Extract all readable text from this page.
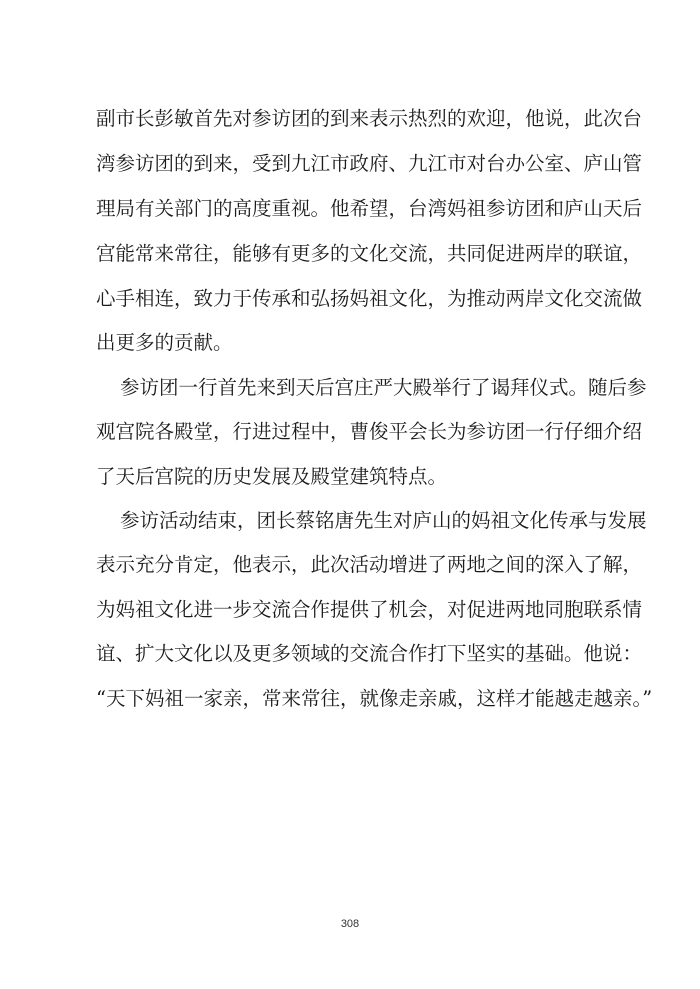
副市长彭敏首先对参访团的到来表示热烈的欢迎，他说，此次台
湾参访团的到来，受到九江市政府、九江市对台办公室、庐山管
理局有关部门的高度重视。他希望，台湾妈祖参访团和庐山天后
宫能常来常往，能够有更多的文化交流，共同促进两岸的联谊，
心手相连，致力于传承和弘扬妈祖文化，为推动两岸文化交流做
出更多的贡献。
参访团一行首先来到天后宫庄严大殿举行了谒拜仪式。随后参
观宫院各殿堂，行进过程中，曹俊平会长为参访团一行仔细介绍
了天后宫院的历史发展及殿堂建筑特点。
参访活动结束，团长蔡铭唐先生对庐山的妈祖文化传承与发展
表示充分肯定，他表示，此次活动增进了两地之间的深入了解，
为妈祖文化进一步交流合作提供了机会，对促进两地同胞联系情
谊、扩大文化以及更多领域的交流合作打下坚实的基础。他说：
“天下妈祖一家亲，常来常往，就像走亲戚，这样才能越走越亲。”
308
